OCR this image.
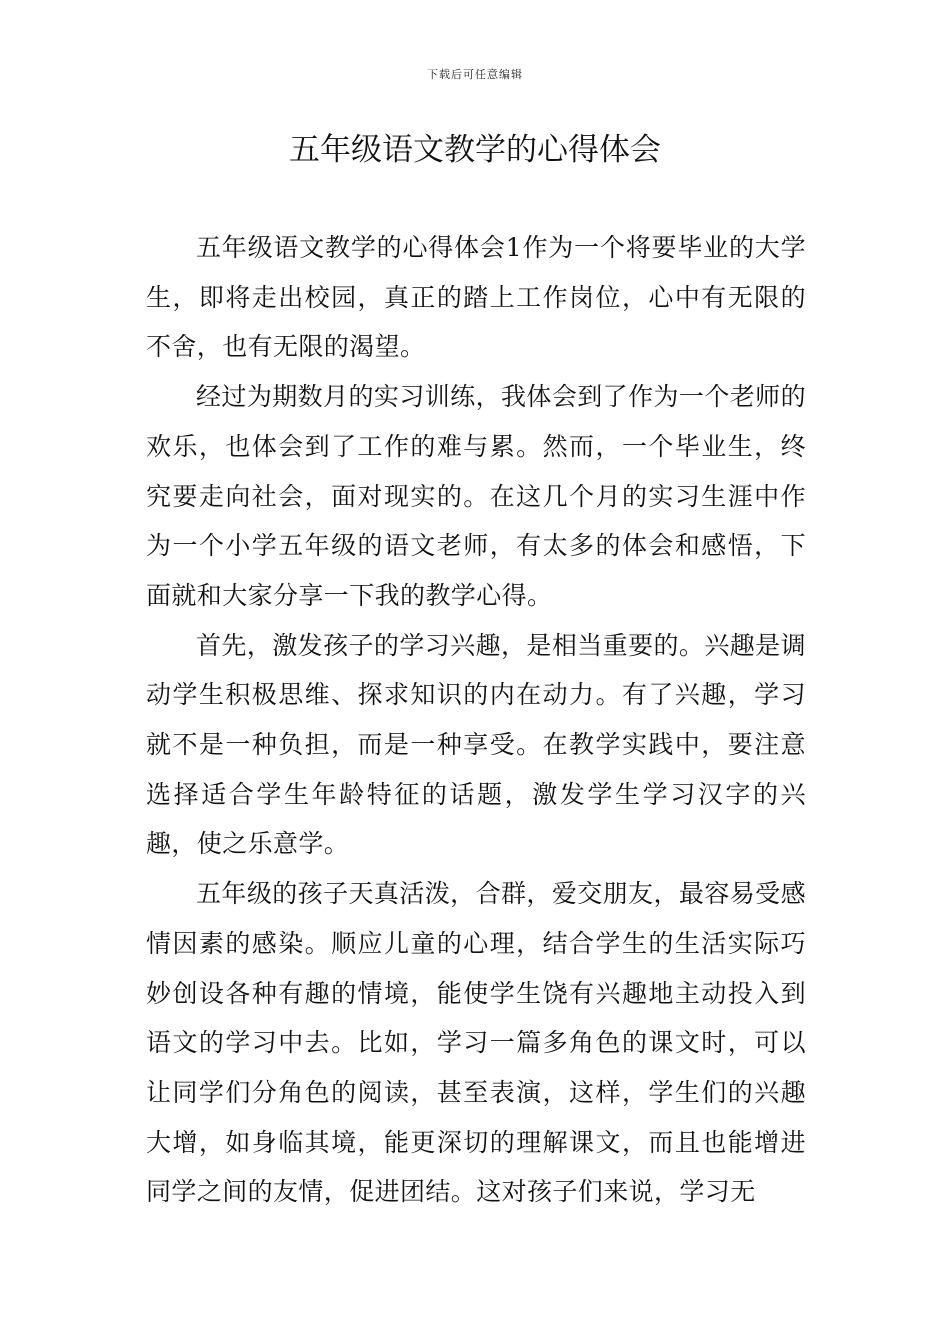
下载后可任意编辑
五年级语文教学的心得体会

五年级语文教学的心得体会1作为一个将要毕业的大学生，即将走出校园，真正的踏上工作岗位，心中有无限的不舍，也有无限的渴望。

经过为期数月的实习训练，我体会到了作为一个老师的欢乐，也体会到了工作的难与累。然而，一个毕业生，终究要走向社会，面对现实的。在这几个月的实习生涯中作为一个小学五年级的语文老师，有太多的体会和感悟，下面就和大家分享一下我的教学心得。

首先，激发孩子的学习兴趣，是相当重要的。兴趣是调动学生积极思维、探求知识的内在动力。有了兴趣，学习就不是一种负担，而是一种享受。在教学实践中，要注意选择适合学生年龄特征的话题，激发学生学习汉字的兴趣，使之乐意学。

五年级的孩子天真活泼，合群，爱交朋友，最容易受感情因素的感染。顺应儿童的心理，结合学生的生活实际巧妙创设各种有趣的情境，能使学生饶有兴趣地主动投入到语文的学习中去。比如，学习一篇多角色的课文时，可以让同学们分角色的阅读，甚至表演，这样，学生们的兴趣大增，如身临其境，能更深切的理解课文，而且也能增进同学之间的友情，促进团结。这对孩子们来说，学习无
